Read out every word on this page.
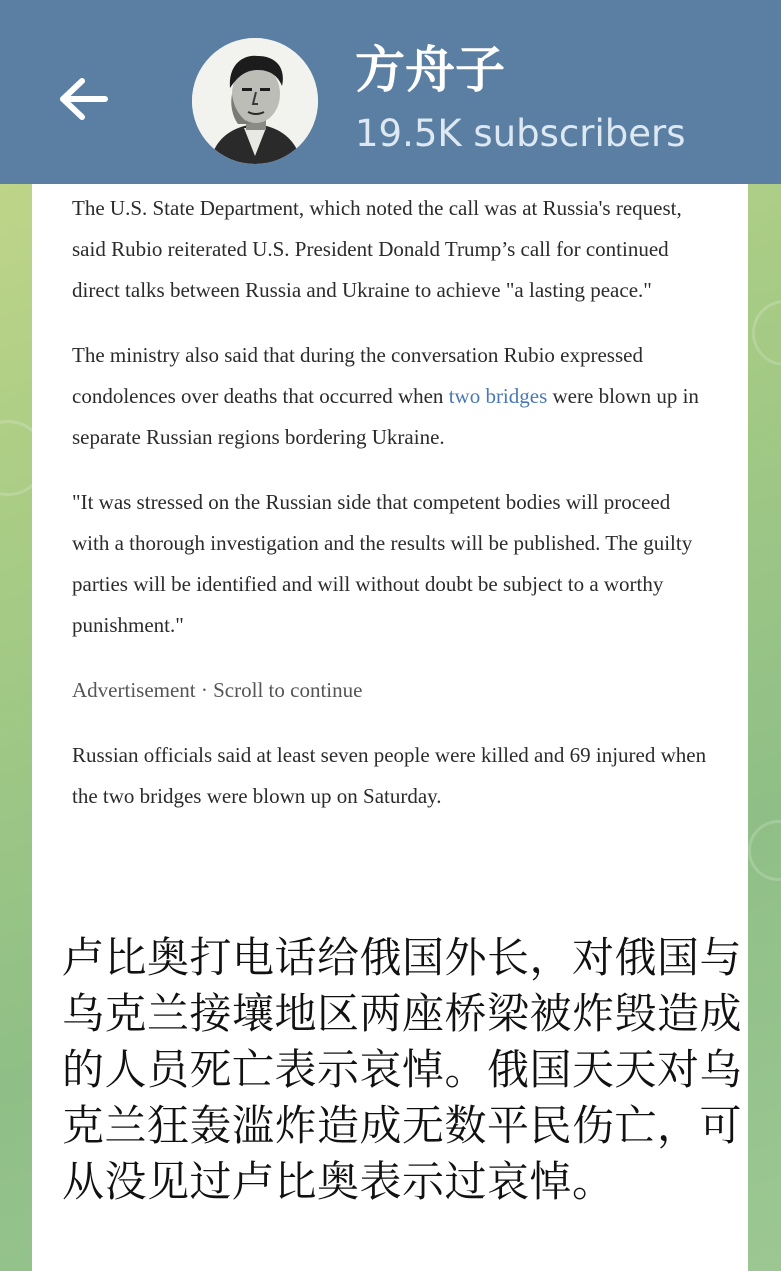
方舟子
19.5K subscribers

The U.S. State Department, which noted the call was at Russia's request, said Rubio reiterated U.S. President Donald Trump’s call for continued direct talks between Russia and Ukraine to achieve "a lasting peace."

The ministry also said that during the conversation Rubio expressed condolences over deaths that occurred when two bridges were blown up in separate Russian regions bordering Ukraine.

"It was stressed on the Russian side that competent bodies will proceed with a thorough investigation and the results will be published. The guilty parties will be identified and will without doubt be subject to a worthy punishment."

Advertisement · Scroll to continue

Russian officials said at least seven people were killed and 69 injured when the two bridges were blown up on Saturday.

卢比奥打电话给俄国外长，对俄国与乌克兰接壤地区两座桥梁被炸毁造成的人员死亡表示哀悼。俄国天天对乌克兰狂轰滥炸造成无数平民伤亡，可从没见过卢比奥表示过哀悼。
